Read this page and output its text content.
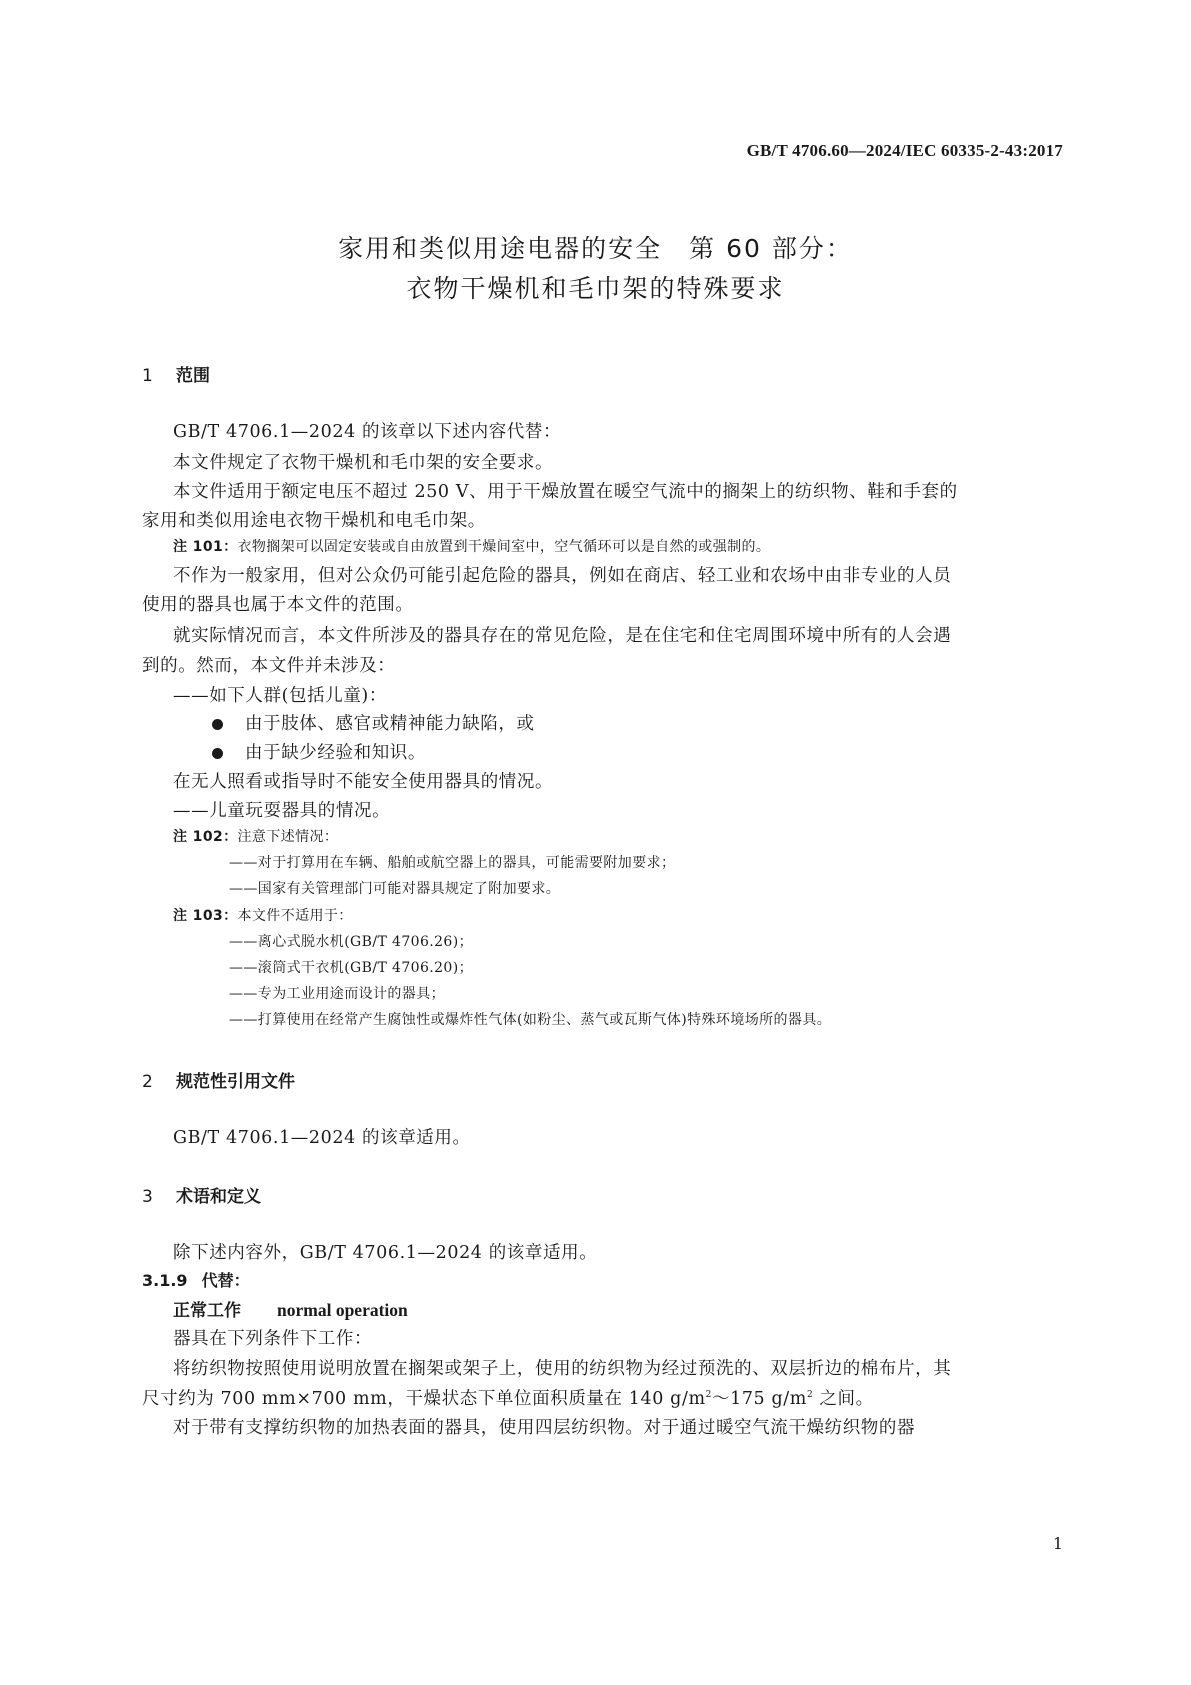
GB/T 4706.60—2024/IEC 60335-2-43:2017
家用和类似用途电器的安全　第 60 部分：
衣物干燥机和毛巾架的特殊要求
1 范围
GB/T 4706.1—2024 的该章以下述内容代替：
本文件规定了衣物干燥机和毛巾架的安全要求。
本文件适用于额定电压不超过 250 V、用于干燥放置在暖空气流中的搁架上的纺织物、鞋和手套的
家用和类似用途电衣物干燥机和电毛巾架。
注 101：衣物搁架可以固定安装或自由放置到干燥间室中，空气循环可以是自然的或强制的。
不作为一般家用，但对公众仍可能引起危险的器具，例如在商店、轻工业和农场中由非专业的人员
使用的器具也属于本文件的范围。
就实际情况而言，本文件所涉及的器具存在的常见危险，是在住宅和住宅周围环境中所有的人会遇
到的。然而，本文件并未涉及：
——如下人群(包括儿童)：
由于肢体、感官或精神能力缺陷，或
由于缺少经验和知识。
在无人照看或指导时不能安全使用器具的情况。
——儿童玩耍器具的情况。
注 102：注意下述情况：
——对于打算用在车辆、船舶或航空器上的器具，可能需要附加要求；
——国家有关管理部门可能对器具规定了附加要求。
注 103：本文件不适用于：
——离心式脱水机(GB/T 4706.26)；
——滚筒式干衣机(GB/T 4706.20)；
——专为工业用途而设计的器具；
——打算使用在经常产生腐蚀性或爆炸性气体(如粉尘、蒸气或瓦斯气体)特殊环境场所的器具。
2 规范性引用文件
GB/T 4706.1—2024 的该章适用。
3 术语和定义
除下述内容外，GB/T 4706.1—2024 的该章适用。
3.1.9 代替：
正常工作 normal operation
器具在下列条件下工作：
将纺织物按照使用说明放置在搁架或架子上，使用的纺织物为经过预洗的、双层折边的棉布片，其
尺寸约为 700 mm×700 mm，干燥状态下单位面积质量在 140 $g/m^2\sim 175$ $g/m^2$ 之间。
对于带有支撑纺织物的加热表面的器具，使用四层纺织物。对于通过暖空气流干燥纺织物的器
1
